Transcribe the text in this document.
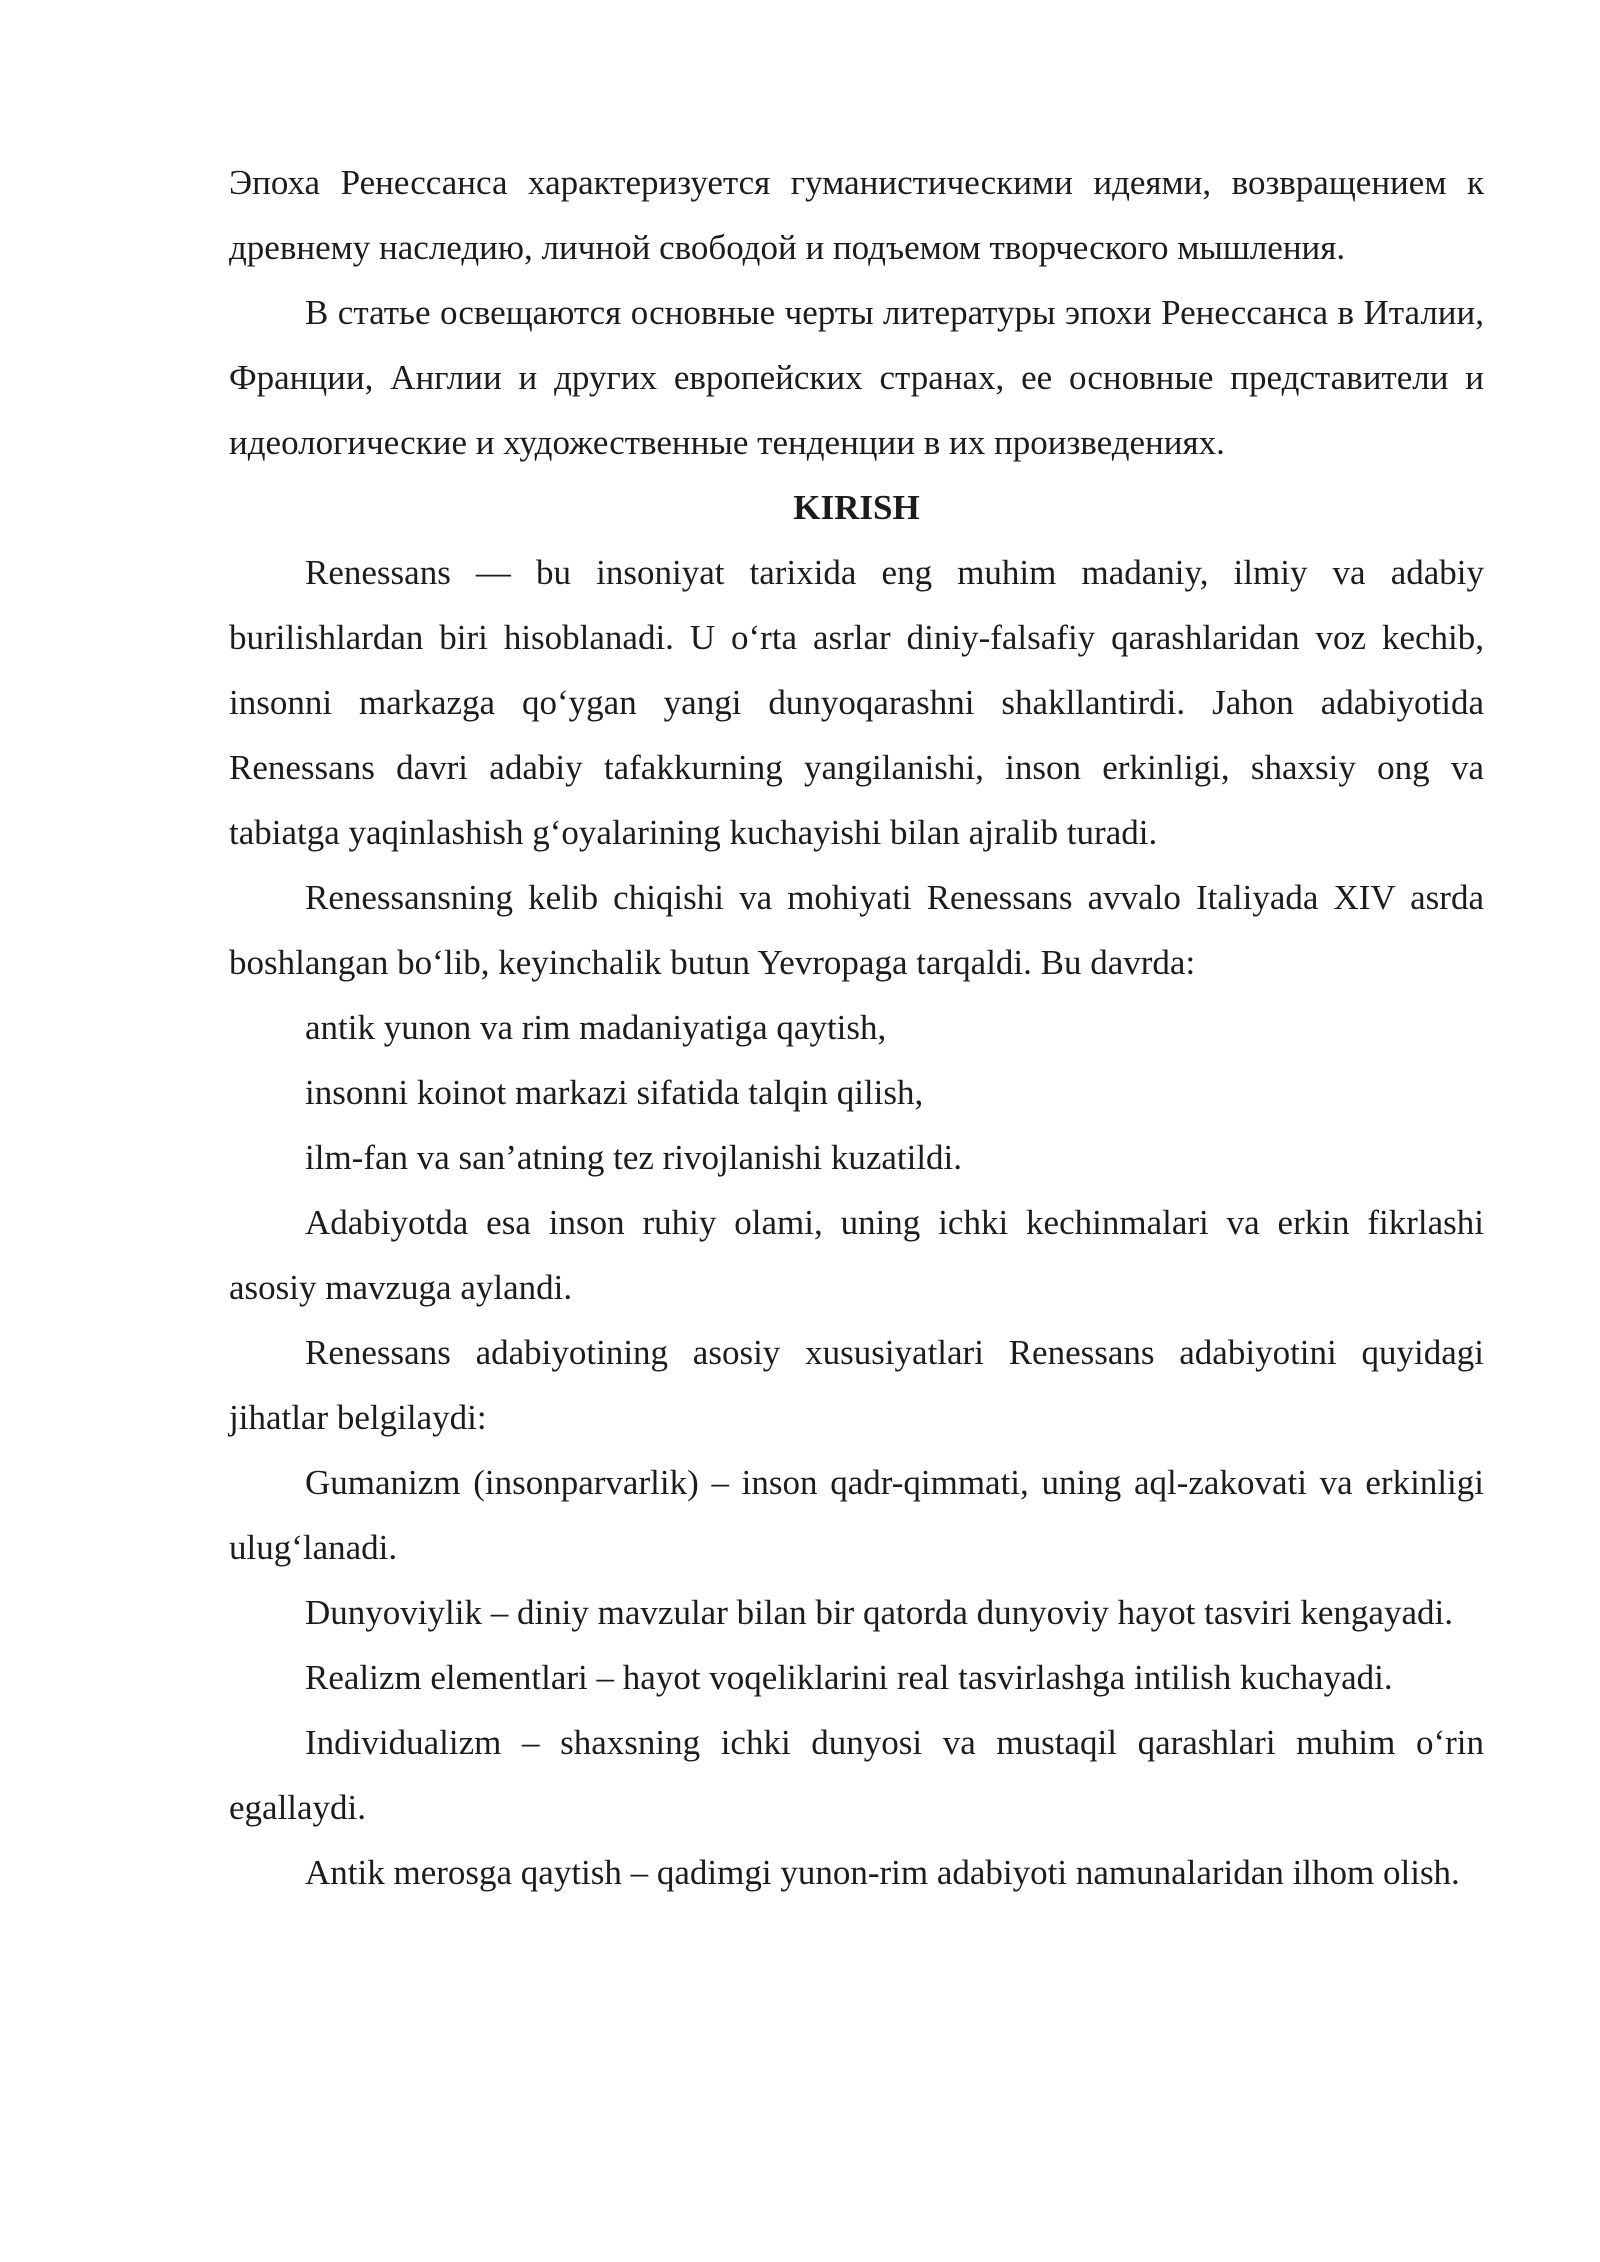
Эпоха Ренессанса характеризуется гуманистическими идеями, возвращением к древнему наследию, личной свободой и подъемом творческого мышления.

В статье освещаются основные черты литературы эпохи Ренессанса в Италии, Франции, Англии и других европейских странах, ее основные представители и идеологические и художественные тенденции в их произведениях.

KIRISH

Renessans — bu insoniyat tarixida eng muhim madaniy, ilmiy va adabiy burilishlardan biri hisoblanadi. U o‘rta asrlar diniy-falsafiy qarashlaridan voz kechib, insonni markazga qo‘ygan yangi dunyoqarashni shakllantirdi. Jahon adabiyotida Renessans davri adabiy tafakkurning yangilanishi, inson erkinligi, shaxsiy ong va tabiatga yaqinlashish g‘oyalarining kuchayishi bilan ajralib turadi.

Renessansning kelib chiqishi va mohiyati Renessans avvalo Italiyada XIV asrda boshlangan bo‘lib, keyinchalik butun Yevropaga tarqaldi. Bu davrda:

antik yunon va rim madaniyatiga qaytish,

insonni koinot markazi sifatida talqin qilish,

ilm-fan va san’atning tez rivojlanishi kuzatildi.

Adabiyotda esa inson ruhiy olami, uning ichki kechinmalari va erkin fikrlashi asosiy mavzuga aylandi.

Renessans adabiyotining asosiy xususiyatlari Renessans adabiyotini quyidagi jihatlar belgilaydi:

Gumanizm (insonparvarlik) – inson qadr-qimmati, uning aql-zakovati va erkinligi ulug‘lanadi.

Dunyoviylik – diniy mavzular bilan bir qatorda dunyoviy hayot tasviri kengayadi.

Realizm elementlari – hayot voqeliklarini real tasvirlashga intilish kuchayadi.

Individualizm – shaxsning ichki dunyosi va mustaqil qarashlari muhim o‘rin egallaydi.

Antik merosga qaytish – qadimgi yunon-rim adabiyoti namunalaridan ilhom olish.
